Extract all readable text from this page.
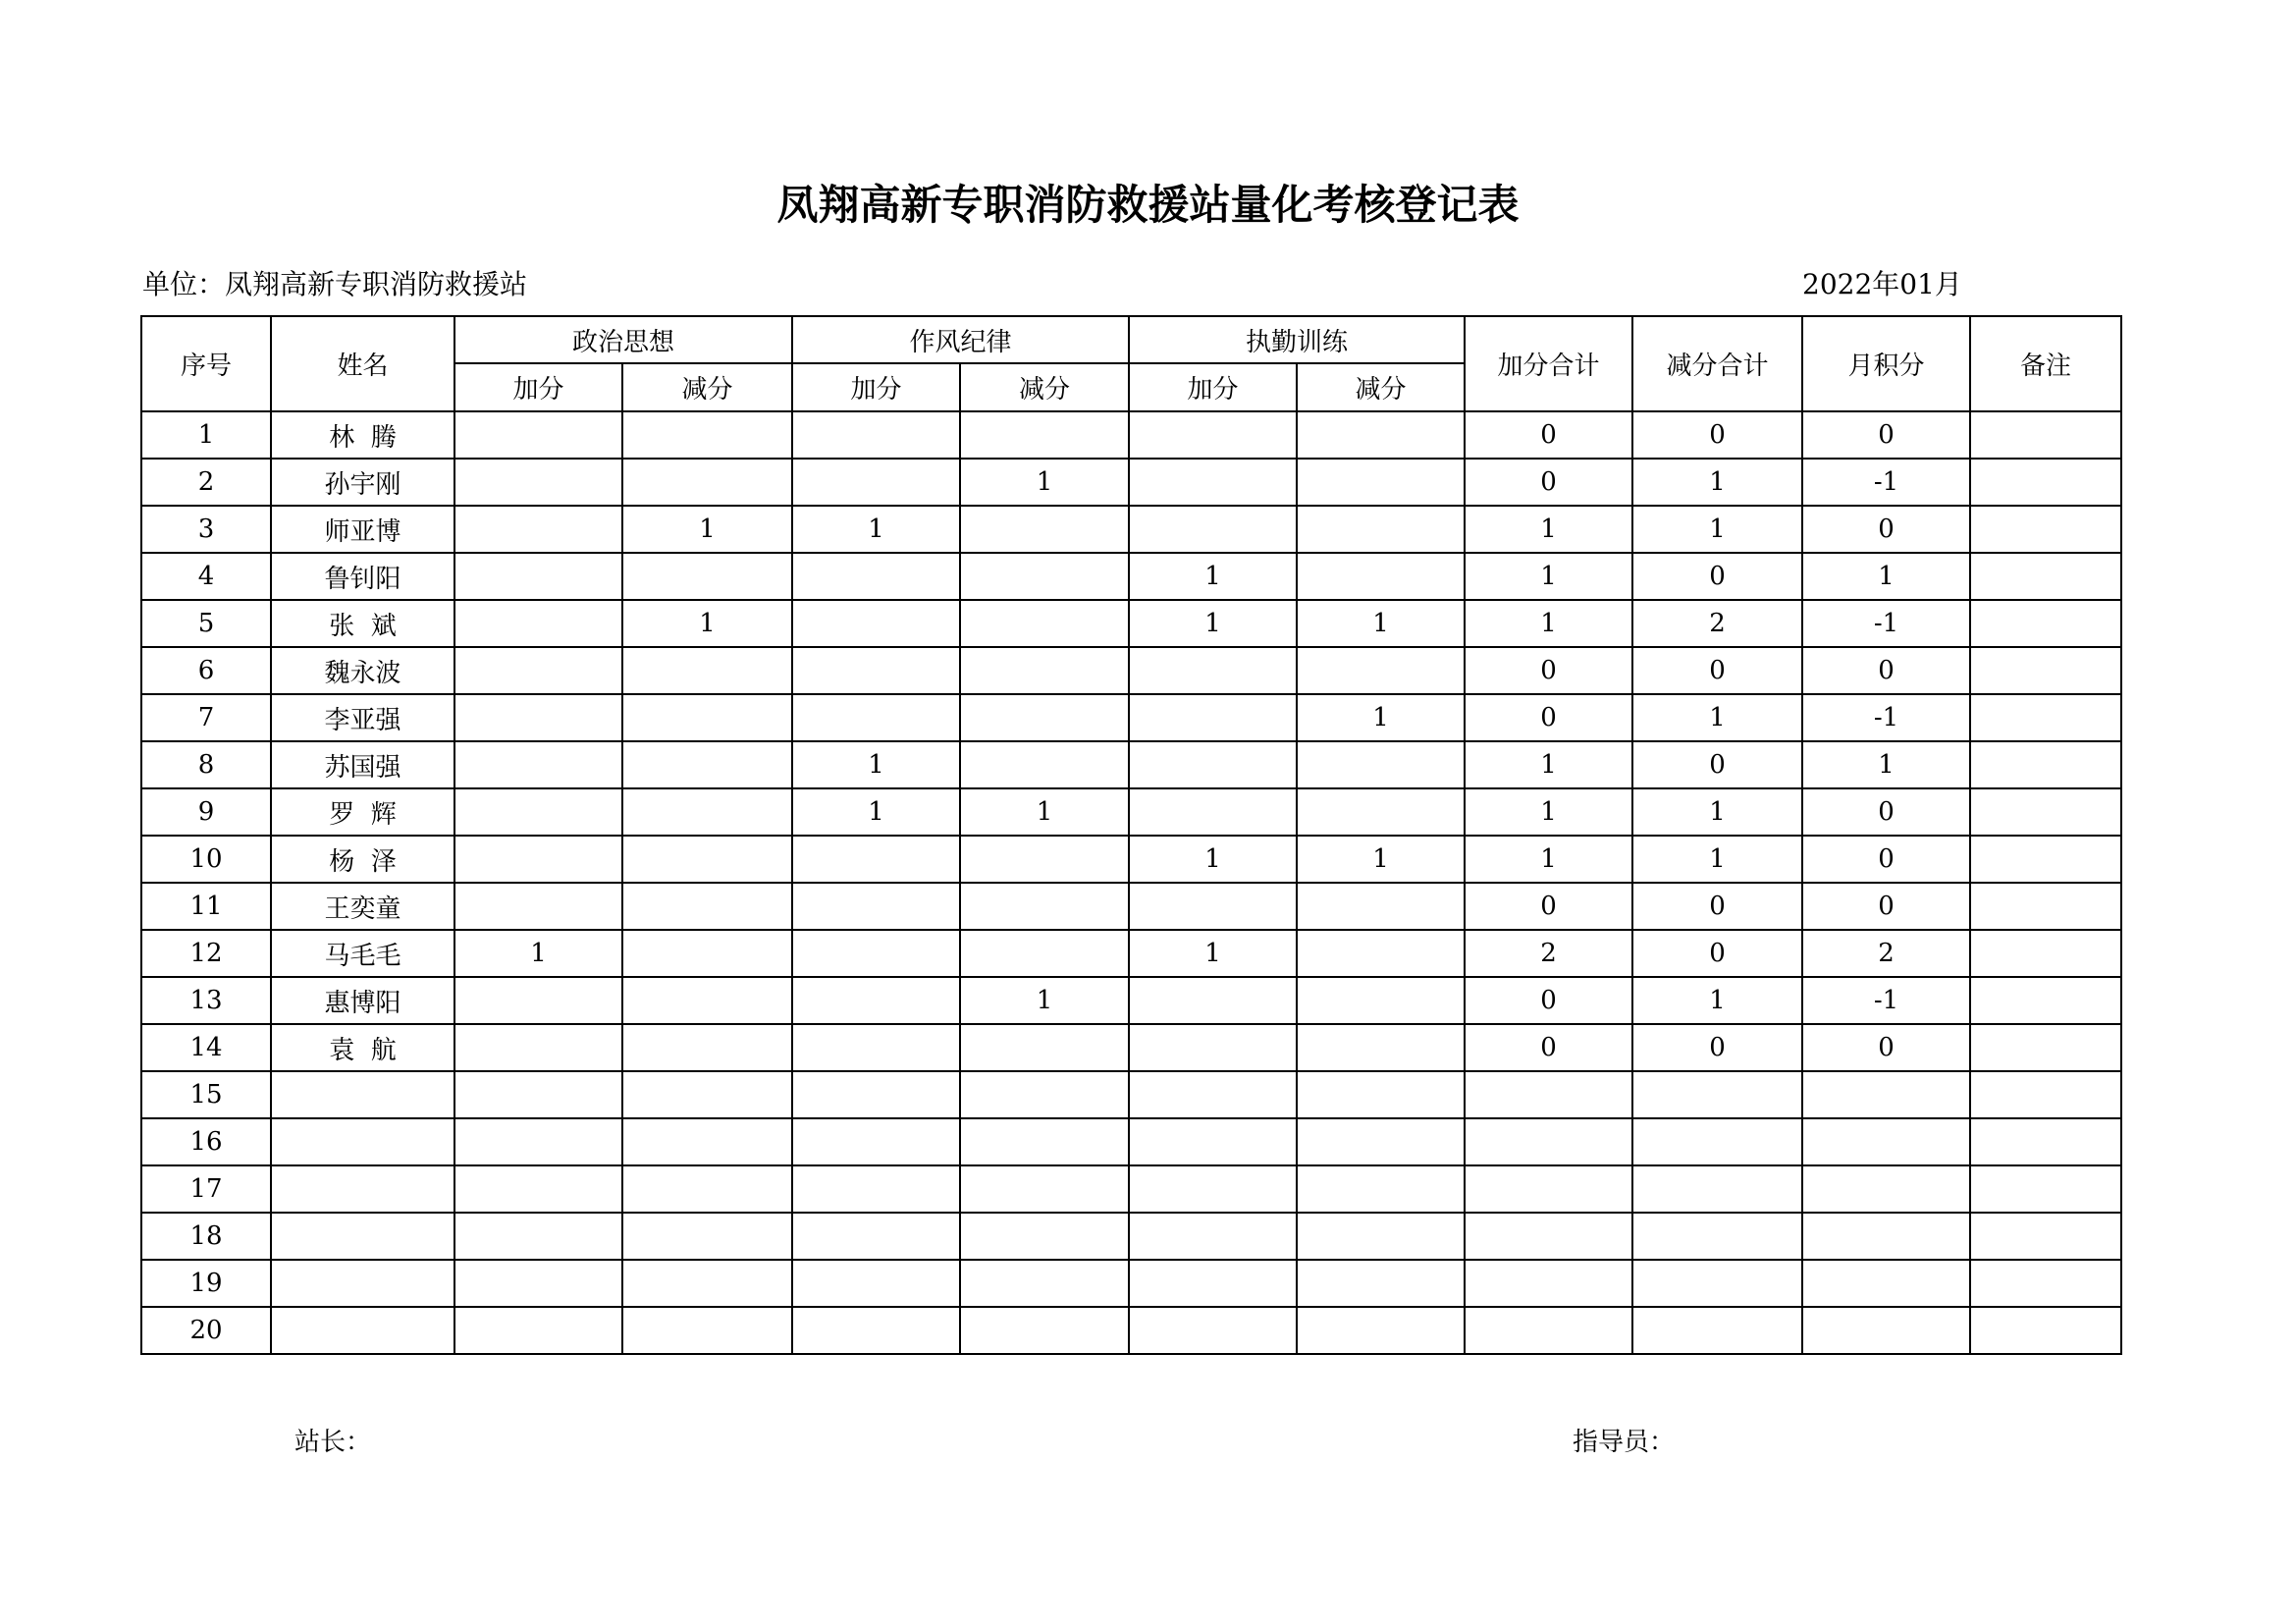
凤翔高新专职消防救援站量化考核登记表
单位：凤翔高新专职消防救援站	2022年01月
序号	姓名	政治思想		作风纪律		执勤训练		加分合计	减分合计	月积分	备注
		加分	减分	加分	减分	加分	减分				
1	林  腾							0	0	0	
2	孙宇刚				1			0	1	-1	
3	师亚博		1	1				1	1	0	
4	鲁钊阳					1		1	0	1	
5	张  斌		1			1	1	1	2	-1	
6	魏永波							0	0	0	
7	李亚强						1	0	1	-1	
8	苏国强			1				1	0	1	
9	罗  辉			1	1			1	1	0	
10	杨  泽					1	1	1	1	0	
11	王奕童							0	0	0	
12	马毛毛	1				1		2	0	2	
13	惠博阳				1			0	1	-1	
14	袁  航							0	0	0	
15											
16											
17											
18											
19											
20											
站长：	指导员：
